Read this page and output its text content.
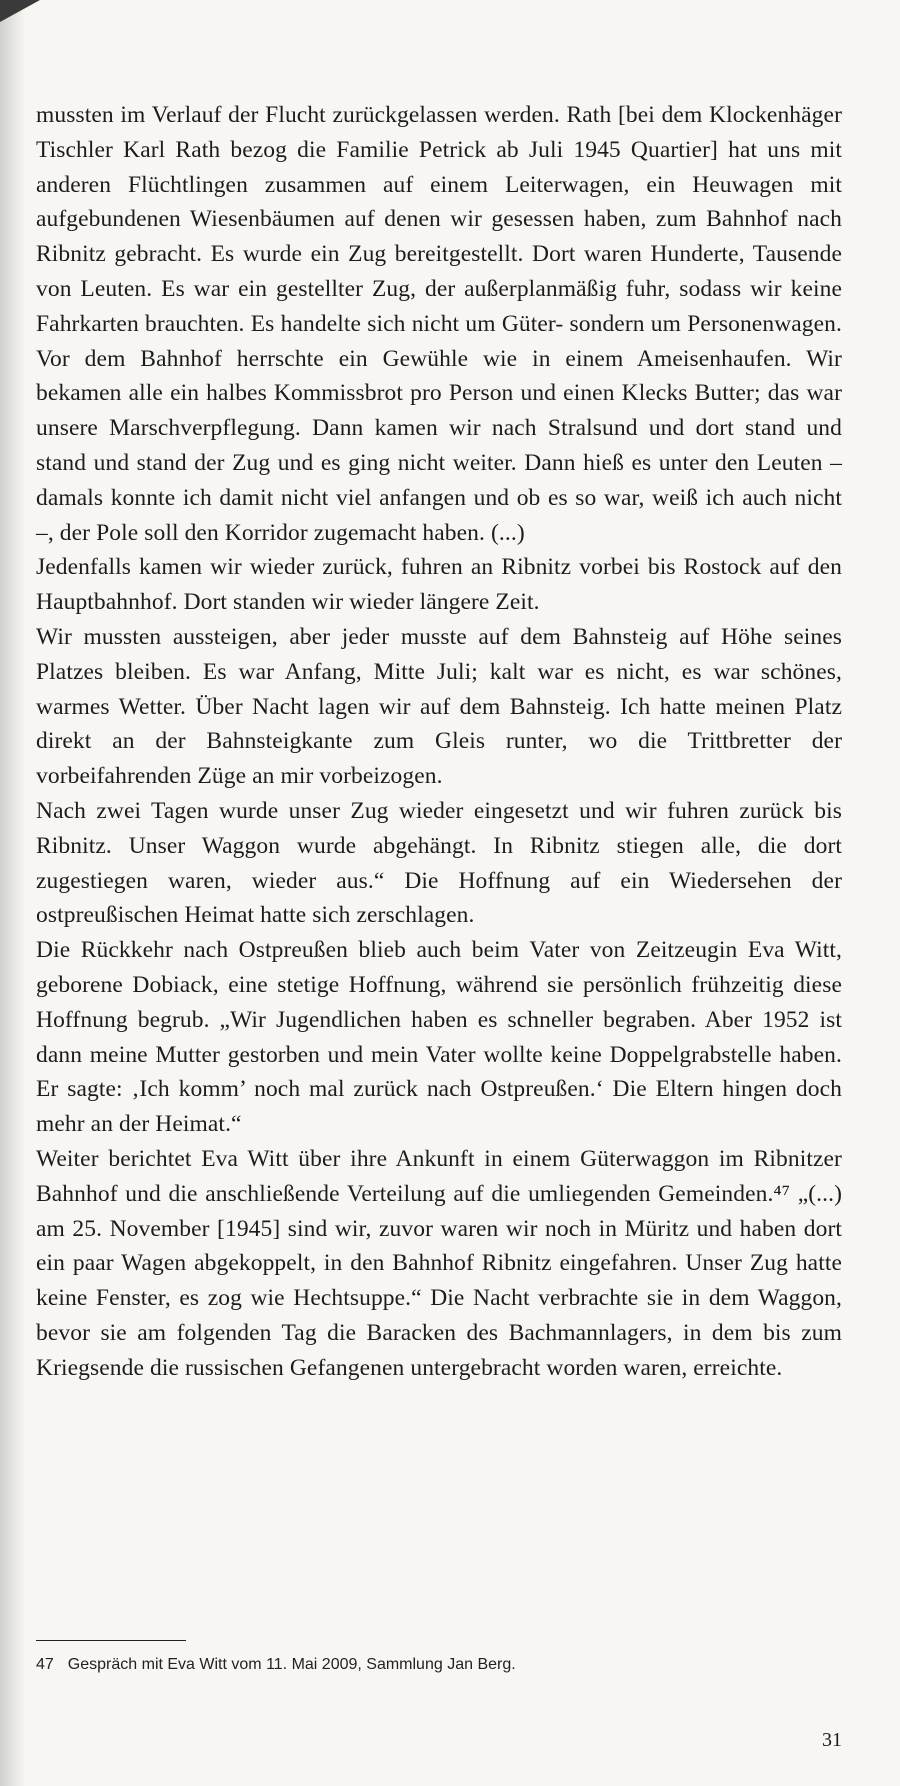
mussten im Verlauf der Flucht zurückgelassen werden. Rath [bei dem Klockenhäger Tischler Karl Rath bezog die Familie Petrick ab Juli 1945 Quartier] hat uns mit anderen Flüchtlingen zusammen auf einem Leiterwagen, ein Heuwagen mit aufgebundenen Wiesenbäumen auf denen wir gesessen haben, zum Bahnhof nach Ribnitz gebracht. Es wurde ein Zug bereitgestellt. Dort waren Hunderte, Tausende von Leuten. Es war ein gestellter Zug, der außerplanmäßig fuhr, sodass wir keine Fahrkarten brauchten. Es handelte sich nicht um Güter- sondern um Personenwagen. Vor dem Bahnhof herrschte ein Gewühle wie in einem Ameisenhaufen. Wir bekamen alle ein halbes Kommissbrot pro Person und einen Klecks Butter; das war unsere Marschverpflegung. Dann kamen wir nach Stralsund und dort stand und stand und stand der Zug und es ging nicht weiter. Dann hieß es unter den Leuten – damals konnte ich damit nicht viel anfangen und ob es so war, weiß ich auch nicht –, der Pole soll den Korridor zugemacht haben. (...)

Jedenfalls kamen wir wieder zurück, fuhren an Ribnitz vorbei bis Rostock auf den Hauptbahnhof. Dort standen wir wieder längere Zeit.

Wir mussten aussteigen, aber jeder musste auf dem Bahnsteig auf Höhe seines Platzes bleiben. Es war Anfang, Mitte Juli; kalt war es nicht, es war schönes, warmes Wetter. Über Nacht lagen wir auf dem Bahnsteig. Ich hatte meinen Platz direkt an der Bahnsteigkante zum Gleis runter, wo die Trittbretter der vorbeifahrenden Züge an mir vorbeizogen.

Nach zwei Tagen wurde unser Zug wieder eingesetzt und wir fuhren zurück bis Ribnitz. Unser Waggon wurde abgehängt. In Ribnitz stiegen alle, die dort zugestiegen waren, wieder aus.“ Die Hoffnung auf ein Wiedersehen der ostpreußischen Heimat hatte sich zerschlagen.

Die Rückkehr nach Ostpreußen blieb auch beim Vater von Zeitzeugin Eva Witt, geborene Dobiack, eine stetige Hoffnung, während sie persönlich frühzeitig diese Hoffnung begrub. „Wir Jugendlichen haben es schneller begraben. Aber 1952 ist dann meine Mutter gestorben und mein Vater wollte keine Doppelgrabstelle haben. Er sagte: ‚Ich komm’ noch mal zurück nach Ostpreußen.‘ Die Eltern hingen doch mehr an der Heimat.“

Weiter berichtet Eva Witt über ihre Ankunft in einem Güterwaggon im Ribnitzer Bahnhof und die anschließende Verteilung auf die umliegenden Gemeinden.⁴⁷ „(...) am 25. November [1945] sind wir, zuvor waren wir noch in Müritz und haben dort ein paar Wagen abgekoppelt, in den Bahnhof Ribnitz eingefahren. Unser Zug hatte keine Fenster, es zog wie Hechtsuppe.“ Die Nacht verbrachte sie in dem Waggon, bevor sie am folgenden Tag die Baracken des Bachmannlagers, in dem bis zum Kriegsende die russischen Gefangenen untergebracht worden waren, erreichte.

47 Gespräch mit Eva Witt vom 11. Mai 2009, Sammlung Jan Berg.
31
